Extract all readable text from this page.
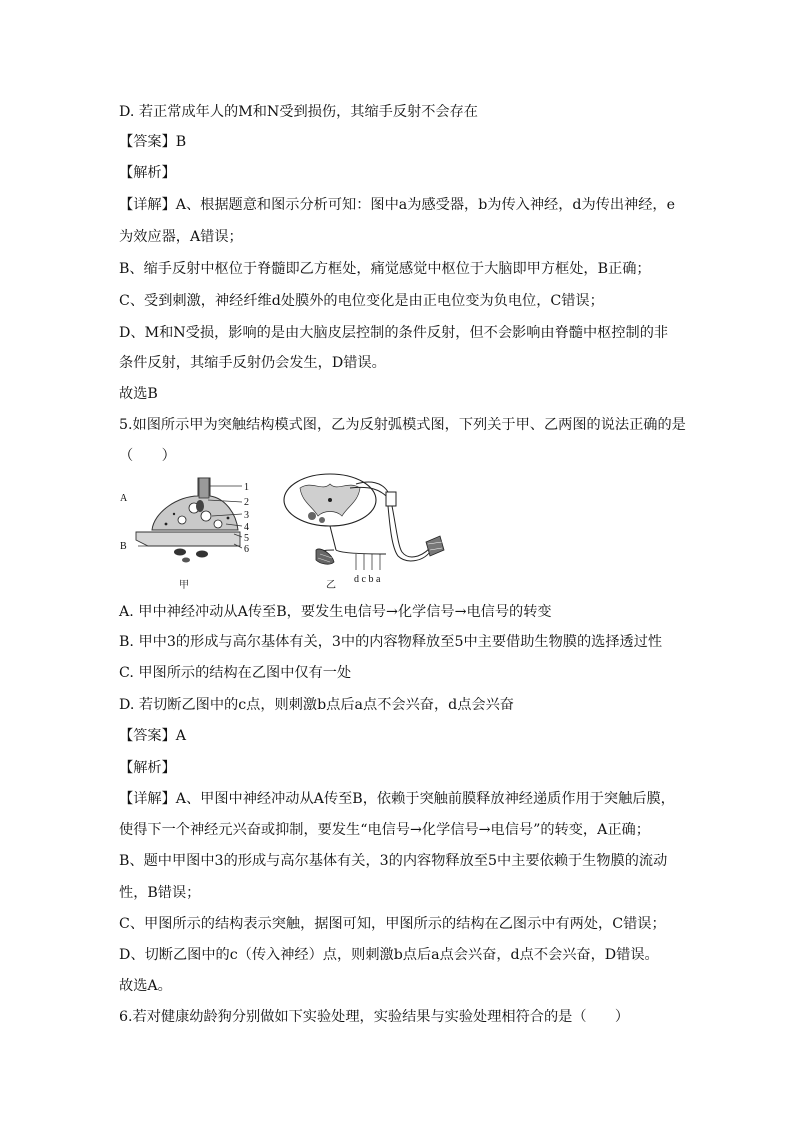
D. 若正常成年人的M和N受到损伤，其缩手反射不会存在
【答案】B
【解析】
【详解】A、根据题意和图示分析可知：图中a为感受器，b为传入神经，d为传出神经，e
为效应器，A错误；
B、缩手反射中枢位于脊髓即乙方框处，痛觉感觉中枢位于大脑即甲方框处，B正确；
C、受到刺激，神经纤维d处膜外的电位变化是由正电位变为负电位，C错误；
D、M和N受损，影响的是由大脑皮层控制的条件反射，但不会影响由脊髓中枢控制的非
条件反射，其缩手反射仍会发生，D错误。
故选B
5.如图所示甲为突触结构模式图，乙为反射弧模式图，下列关于甲、乙两图的说法正确的是
（　　）
A
B
1
2
3
4
5
6
甲
d c b a
乙
A. 甲中神经冲动从A传至B，要发生电信号→化学信号→电信号的转变
B. 甲中3的形成与高尔基体有关，3中的内容物释放至5中主要借助生物膜的选择透过性
C. 甲图所示的结构在乙图中仅有一处
D. 若切断乙图中的c点，则刺激b点后a点不会兴奋，d点会兴奋
【答案】A
【解析】
【详解】A、甲图中神经冲动从A传至B，依赖于突触前膜释放神经递质作用于突触后膜，
使得下一个神经元兴奋或抑制，要发生“电信号→化学信号→电信号”的转变，A正确；
B、题中甲图中3的形成与高尔基体有关，3的内容物释放至5中主要依赖于生物膜的流动
性，B错误；
C、甲图所示的结构表示突触，据图可知，甲图所示的结构在乙图示中有两处，C错误；
D、切断乙图中的c（传入神经）点，则刺激b点后a点会兴奋，d点不会兴奋，D错误。
故选A。
6.若对健康幼龄狗分别做如下实验处理，实验结果与实验处理相符合的是（　　）
